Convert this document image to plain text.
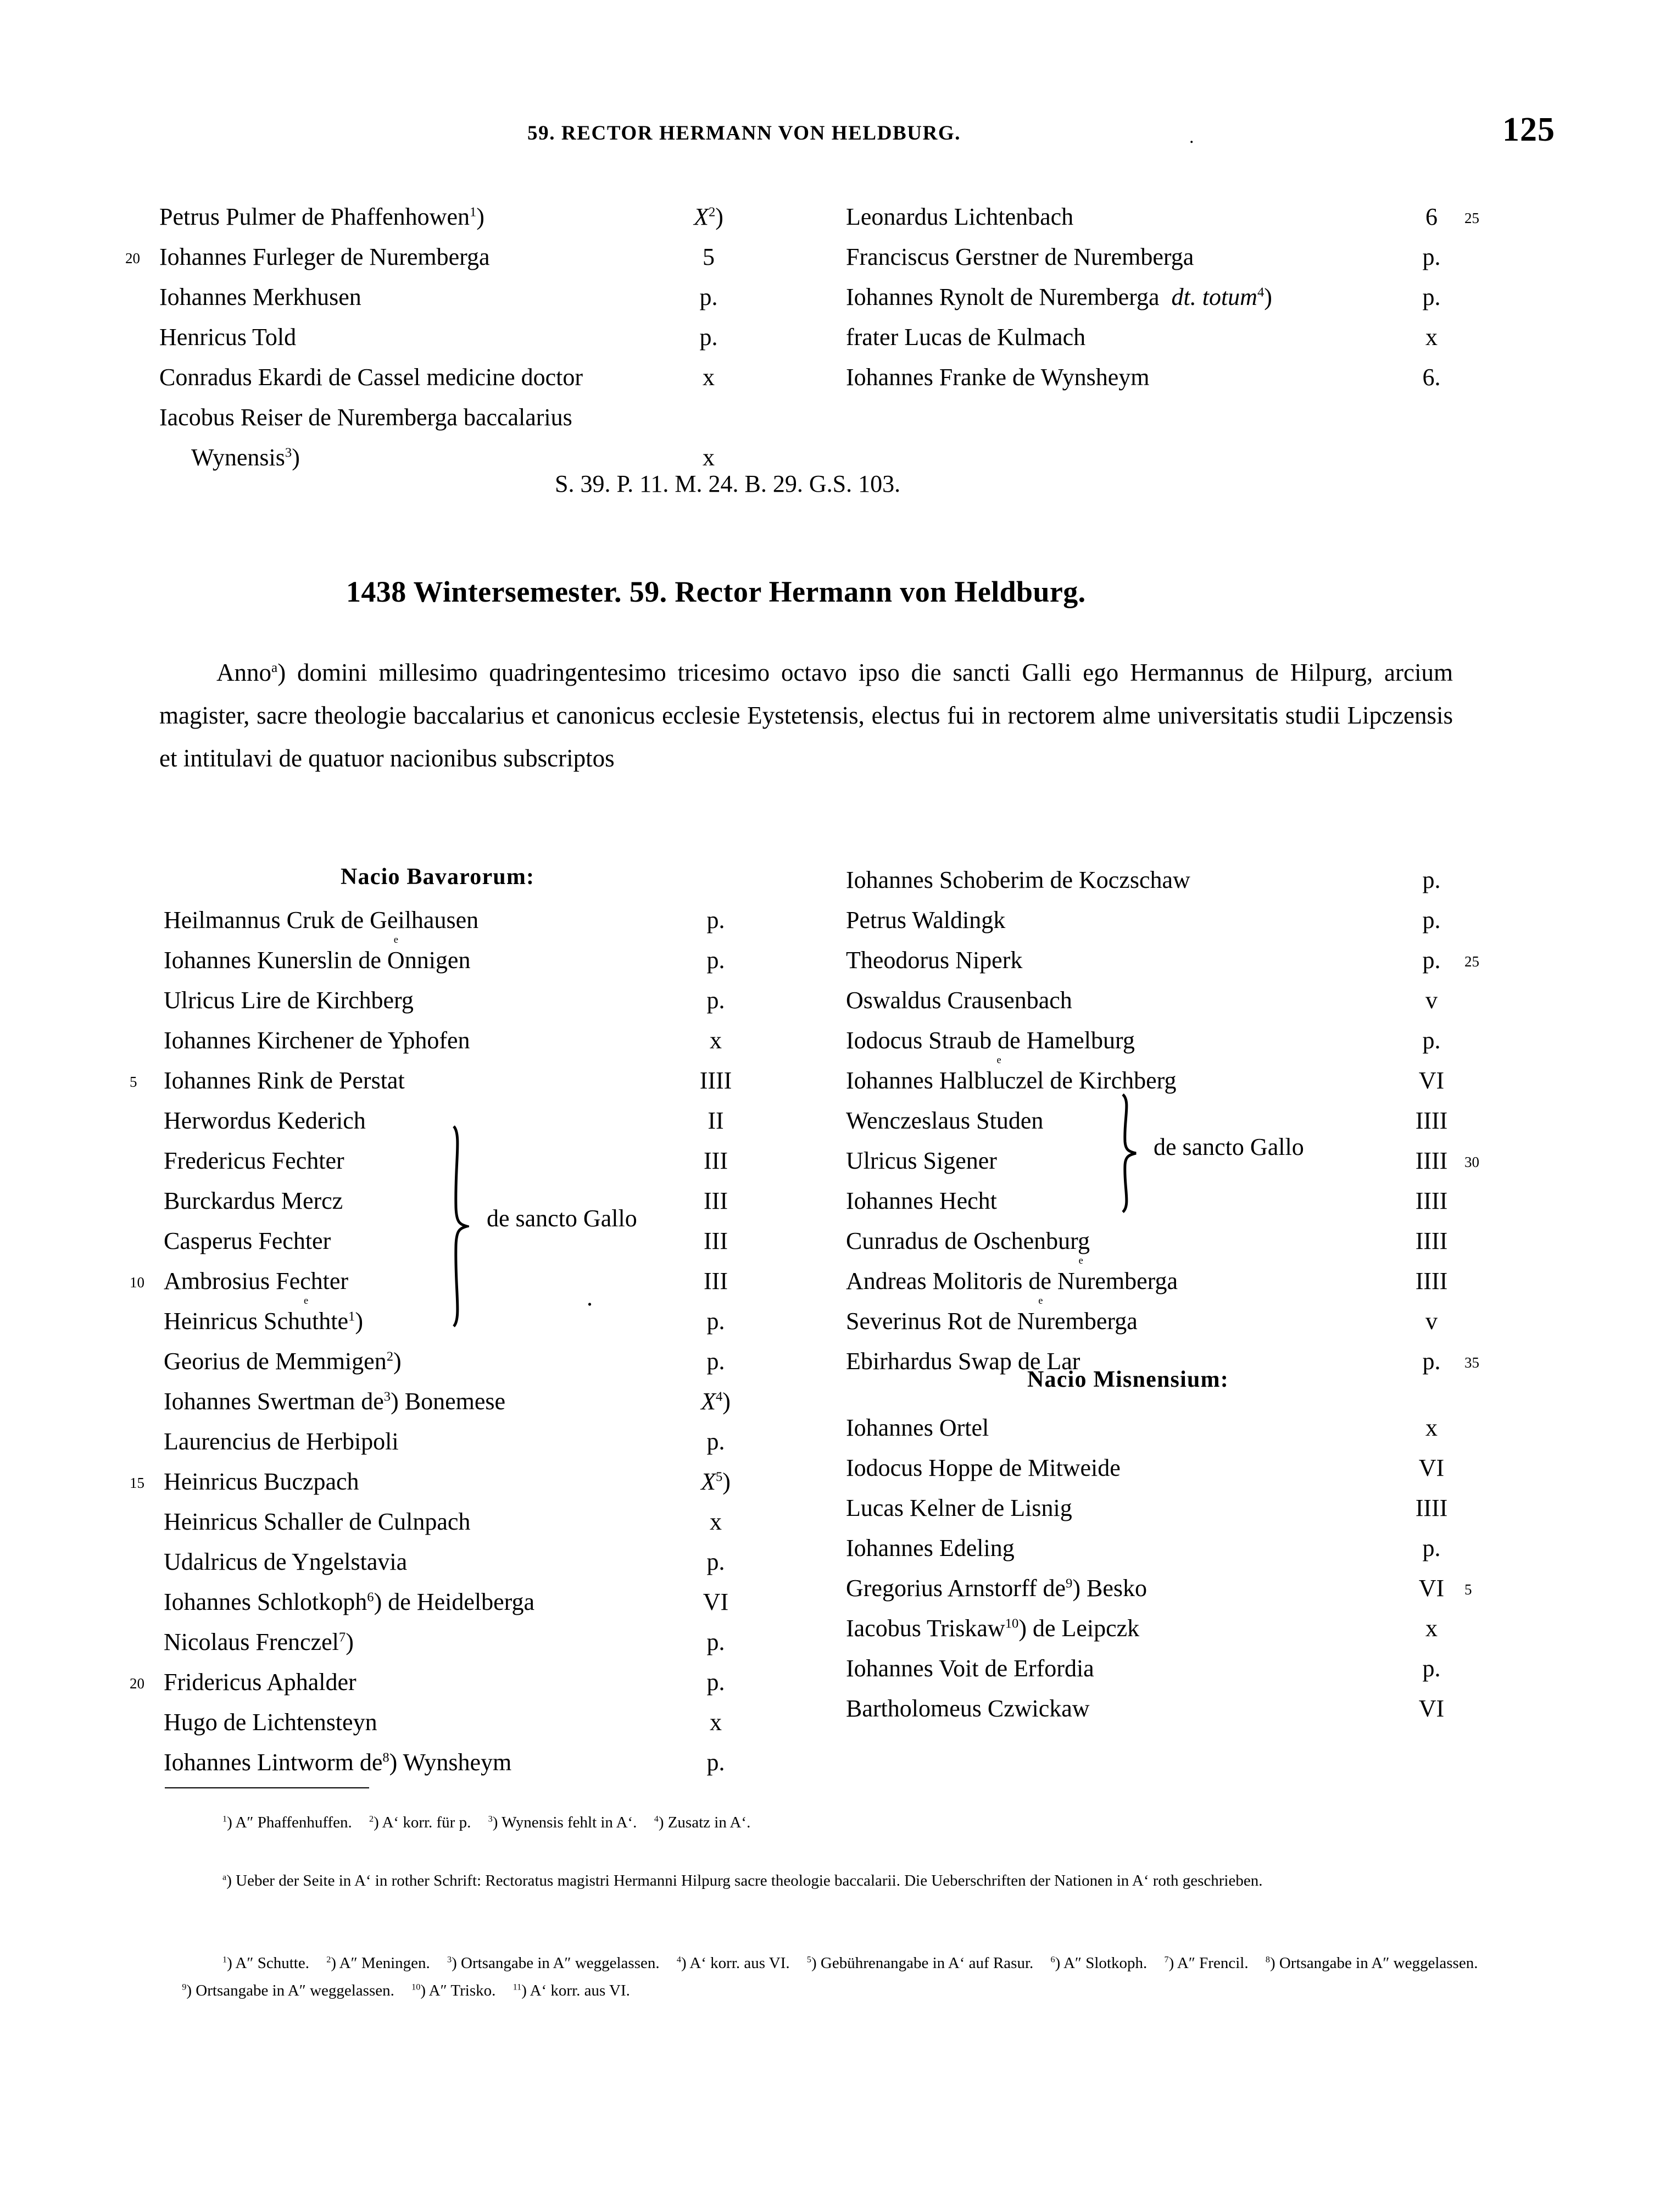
59. RECTOR HERMANN VON HELDBURG.	.	125
Petrus Pulmer de Phaffenhowen$^1$)	$X^2$)
20 Iohannes Furleger de Nuremberga	5
Iohannes Merkhusen	p.
Henricus Told	p.
Conradus Ekardi de Cassel medicine doctor	x
Iacobus Reiser de Nuremberga baccalarius
Wynensis$^3$)	x
Leonardus Lichtenbach	6	25
Franciscus Gerstner de Nuremberga	p.
Iohannes Rynolt de Nuremberga  dt. totum$^4$)	p.
frater Lucas de Kulmach	x
Iohannes Franke de Wynsheym	6.
S. 39. P. 11. M. 24. B. 29. G.S. 103.
1438 Wintersemester. 59. Rector Hermann von Heldburg.
Anno$^a$) domini millesimo quadringentesimo tricesimo octavo ipso die sancti Galli ego Hermannus de Hilpurg, arcium magister, sacre theologie baccalarius et canonicus ecclesie Eystetensis, electus fui in rectorem alme universitatis studii Lipczensis et intitulavi de quatuor nacionibus subscriptos
Nacio Bavarorum:
Heilmannus Cruk de Geilhausen	p.
Iohannes Kunerslin de O
e
nnigen	p.
Ulricus Lire de Kirchberg	p.
Iohannes Kirchener de Yphofen	x
5 Iohannes Rink de Perstat	IIII
Herwordus Kederich	II
Fredericus Fechter	III
Burckardus Mercz	III
Casperus Fechter	III
10 Ambrosius Fechter	III
Heinricus Schu
e
thte$^1$)	p.
Georius de Memmigen$^2$)	p.
Iohannes Swertman $de^3$) Bonemese	$X^4$)
Laurencius de Herbipoli	p.
15 Heinricus Buczpach	$X^5$)
Heinricus Schaller de Culnpach	x
Udalricus de Yngelstavia	p.
Iohannes Schlotkoph$^6$) de Heidelberga	VI
Nicolaus Frenczel$^7$)	p.
20 Fridericus Aphalder	p.
Hugo de Lichtensteyn	x
Iohannes Lintworm $de^8$) Wynsheym	p.
de sancto Gallo
.
Iohannes Schoberim de Koczschaw	p.
Petrus Waldingk	p.
Theodorus Niperk	p.	25
Oswaldus Crausenbach	v
Iodocus Straub de Hamelburg	p.
Iohannes Halblu
e
czel de Kirchberg	VI
Wenczeslaus Studen	IIII
Ulricus Sigener	IIII	30
Iohannes Hecht	IIII
Cunradus de Oschenburg	IIII
Andreas Molitoris de Nu
e
remberga	IIII
Severinus Rot de Nu
e
remberga	v
Ebirhardus Swap de Lar	p.	35
de sancto Gallo
Nacio Misnensium:
Iohannes Ortel	x
Iodocus Hoppe de Mitweide	VI
Lucas Kelner de Lisnig	IIII
Iohannes Edeling	p.
Gregorius Arnstorff $de^9$) Besko	VI	5
Iacobus Triskaw$^{10}$) de Leipczk	x
Iohannes Voit de Erfordia	p.
Bartholomeus Czwickaw	VI
$^1$) A″ Phaffenhuffen. $^2$) A‘ korr. für p. $^3$) Wynensis fehlt in A‘. $^4$) Zusatz in A‘.
$^a$) Ueber der Seite in A‘ in rother Schrift: Rectoratus magistri Hermanni Hilpurg sacre theologie baccalarii. Die Ueberschriften der Nationen in A‘ roth geschrieben.
$^1$) A″ Schutte. $^2$) A″ Meningen. $^3$) Ortsangabe in A″ weggelassen. $^4$) A‘ korr. aus VI. $^5$) Gebührenangabe in A‘ auf Rasur. $^6$) A″ Slotkoph. $^7$) A″ Frencil. $^8$) Ortsangabe in A″ weggelassen. $^9$) Ortsangabe in A″ weggelassen. $^{10}$) A″ Trisko. $^{11}$) A‘ korr. aus VI.
